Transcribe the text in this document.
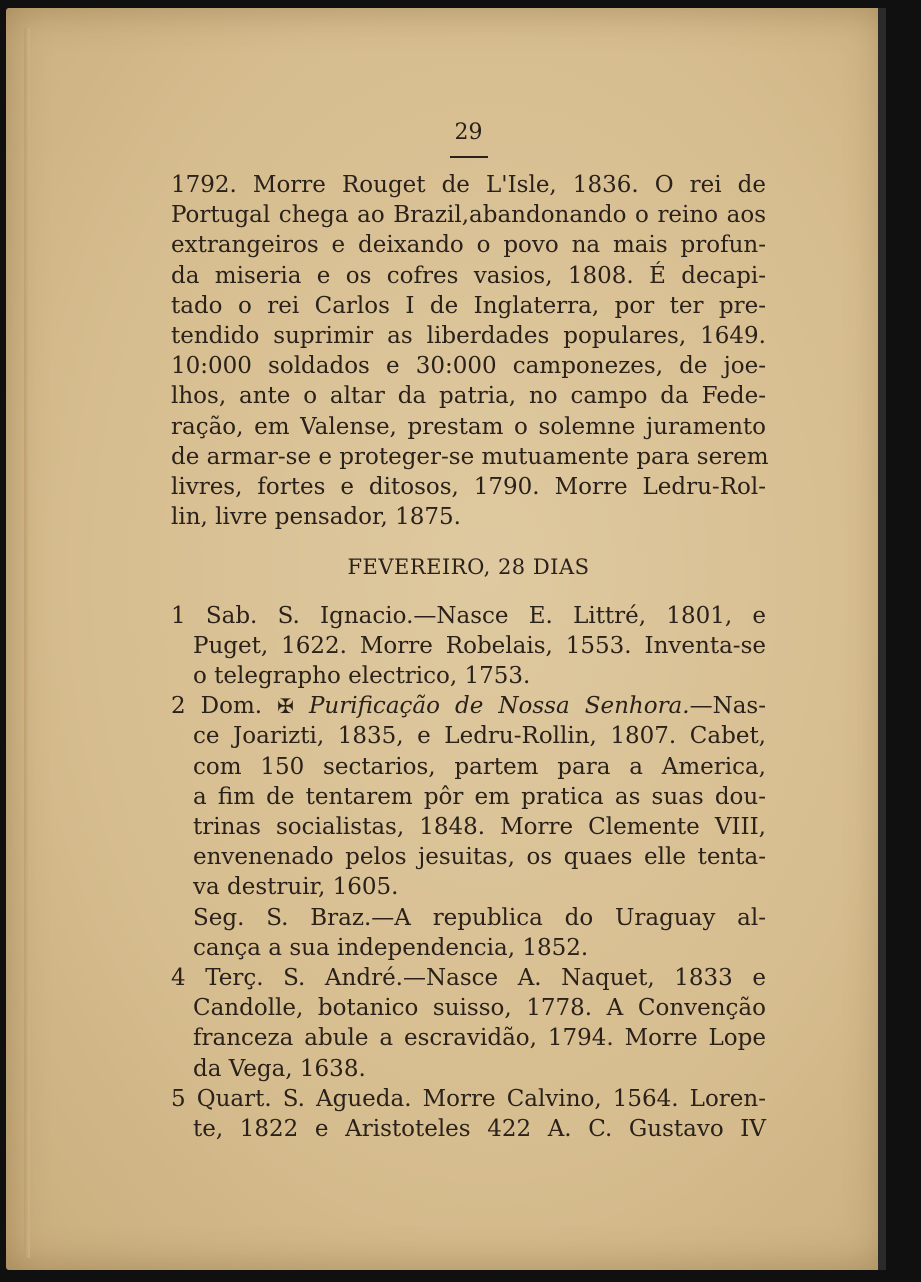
29
1792. Morre Rouget de L'Isle, 1836. O rei de
Portugal chega ao Brazil,abandonando o reino aos
extrangeiros e deixando o povo na mais profun-
da miseria e os cofres vasios, 1808. É decapi-
tado o rei Carlos I de Inglaterra, por ter pre-
tendido suprimir as liberdades populares, 1649.
10:000 soldados e 30:000 camponezes, de joe-
lhos, ante o altar da patria, no campo da Fede-
ração, em Valense, prestam o solemne juramento
de armar-se e proteger-se mutuamente para serem
livres, fortes e ditosos, 1790. Morre Ledru-Rol-
lin, livre pensador, 1875.
FEVEREIRO, 28 DIAS
1 Sab. S. Ignacio.—Nasce E. Littré, 1801, e
Puget, 1622. Morre Robelais, 1553. Inventa-se
o telegrapho electrico, 1753.
2 Dom. ✠ Purificação de Nossa Senhora.—Nas-
ce Joarizti, 1835, e Ledru-Rollin, 1807. Cabet,
com 150 sectarios, partem para a America,
a fim de tentarem pôr em pratica as suas dou-
trinas socialistas, 1848. Morre Clemente VIII,
envenenado pelos jesuitas, os quaes elle tenta-
va destruir, 1605.
Seg. S. Braz.—A republica do Uraguay al-
cança a sua independencia, 1852.
4 Terç. S. André.—Nasce A. Naquet, 1833 e
Candolle, botanico suisso, 1778. A Convenção
franceza abule a escravidão, 1794. Morre Lope
da Vega, 1638.
5 Quart. S. Agueda. Morre Calvino, 1564. Loren-
te, 1822 e Aristoteles 422 A. C. Gustavo IV
